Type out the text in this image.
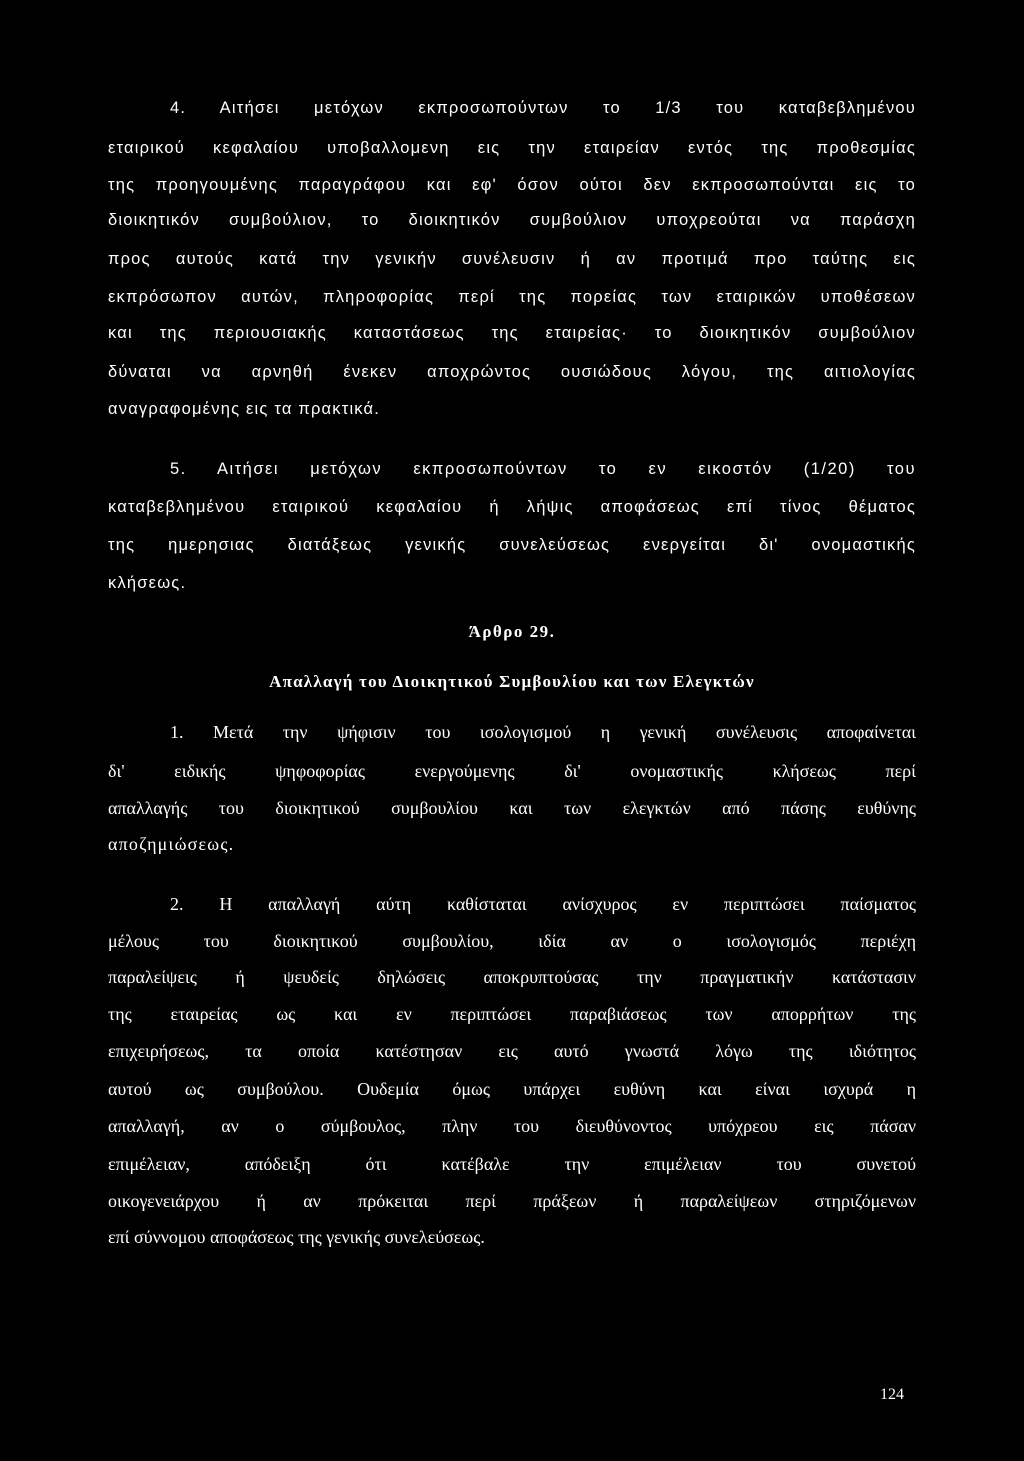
4. Αιτήσει μετόχων εκπροσωπούντων το 1/3 του καταβεβλημένου
εταιρικού κεφαλαίου υποβαλλομενη εις την εταιρείαν εντός της προθεσμίας
της προηγουμένης παραγράφου και εφ' όσον ούτοι δεν εκπροσωπούνται εις το
διοικητικόν συμβούλιον, το διοικητικόν συμβούλιον υποχρεούται να παράσχη
προς αυτούς κατά την γενικήν συνέλευσιν ή αν προτιμά προ ταύτης εις
εκπρόσωπον αυτών, πληροφορίας περί της πορείας των εταιρικών υποθέσεων
και της περιουσιακής καταστάσεως της εταιρείας· το διοικητικόν συμβούλιον
δύναται να αρνηθή ένεκεν αποχρώντος ουσιώδους λόγου, της αιτιολογίας
αναγραφομένης εις τα πρακτικά.
5. Αιτήσει μετόχων εκπροσωπούντων το εν εικοστόν (1/20) του
καταβεβλημένου εταιρικού κεφαλαίου ή λήψις αποφάσεως επί τίνος θέματος
της ημερησιας διατάξεως γενικής συνελεύσεως ενεργείται δι' ονομαστικής
κλήσεως.
Άρθρο 29.
Απαλλαγή του Διοικητικού Συμβουλίου και των Ελεγκτών
1. Μετά την ψήφισιν του ισολογισμού η γενική συνέλευσις αποφαίνεται
δι' ειδικής ψηφοφορίας ενεργούμενης δι' ονομαστικής κλήσεως περί
απαλλαγής του διοικητικού συμβουλίου και των ελεγκτών από πάσης ευθύνης
αποζημιώσεως.
2. Η απαλλαγή αύτη καθίσταται ανίσχυρος εν περιπτώσει παίσματος
μέλους του διοικητικού συμβουλίου, ιδία αν ο ισολογισμός περιέχη
παραλείψεις ή ψευδείς δηλώσεις αποκρυπτούσας την πραγματικήν κατάστασιν
της εταιρείας ως και εν περιπτώσει παραβιάσεως των απορρήτων της
επιχειρήσεως, τα οποία κατέστησαν εις αυτό γνωστά λόγω της ιδιότητος
αυτού ως συμβούλου. Ουδεμία όμως υπάρχει ευθύνη και είναι ισχυρά η
απαλλαγή, αν ο σύμβουλος, πλην του διευθύνοντος υπόχρεου εις πάσαν
επιμέλειαν, απόδειξη ότι κατέβαλε την επιμέλειαν του συνετού
οικογενειάρχου ή αν πρόκειται περί πράξεων ή παραλείψεων στηριζόμενων
επί σύννομου αποφάσεως της γενικής συνελεύσεως.
124
